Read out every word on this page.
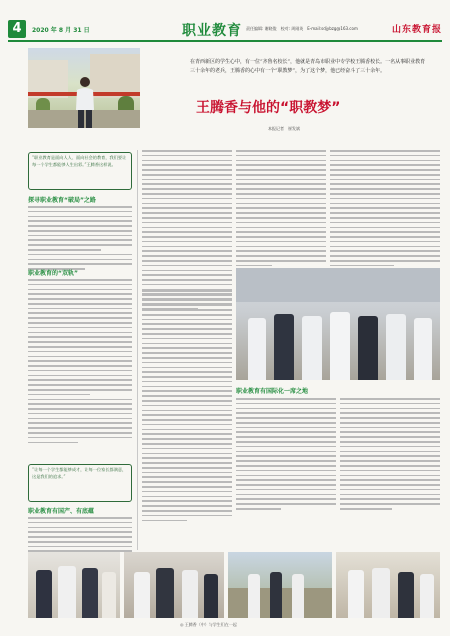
4	2020 年 8 月 31 日	职业教育 责任编辑: 谢晓俊　校对: 周刚英　E-mail:sdjybzg@163.com	山东教育报
在青西新区的学生心中，有一位“齐鲁名校长”，他就是青岛市职业中专学校王腾香校长。一名从事职业教育三十余年的老兵，王腾香的心中有一个“职教梦”，为了这个梦，他已经奋斗了三十余年。
王腾香与他的“职教梦”
本报记者　崔发斌
“职业教育是面向人人、面向社会的教育，我们要让每一个学生都能够人生出彩。”王腾香这样说。
探寻职业教育“破局”之路
职业教育的“双轨”
“让每一个学生都能够成才，让每一位家长都满意，这是我们的追求。”
职业教育有国产、有底蕴
职业教育有国际化一席之地
◎ 王腾香（中）与学生们在一起
